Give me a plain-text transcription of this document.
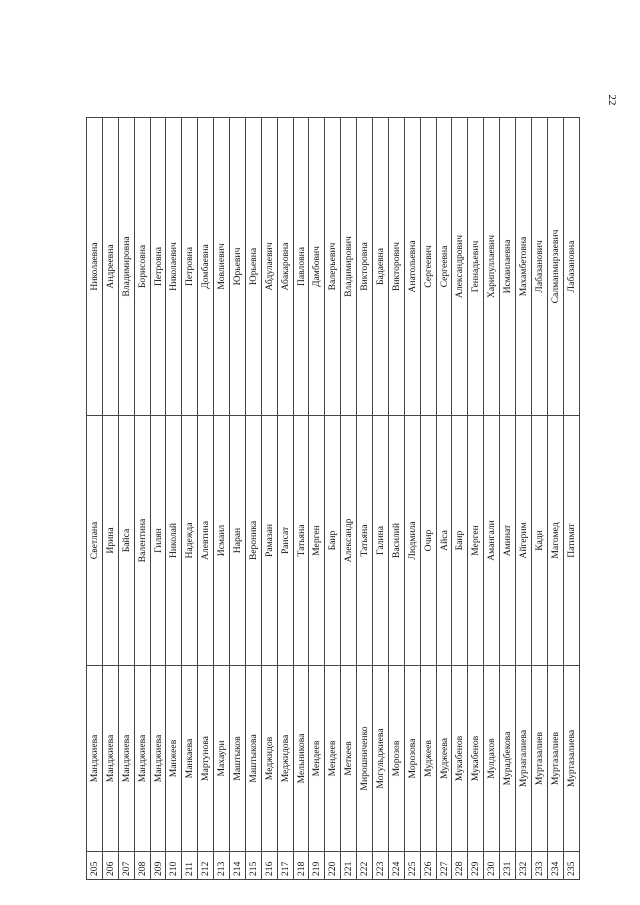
22
205	Манджиева	Светлана	Николаевна
206	Манджиева	Ирина	Андреевна
207	Манджиева	Байса	Владимировна
208	Манджиева	Валентина	Борисовна
209	Манджиева	Гилян	Петровна
210	Манжеев	Николай	Николаевич
211	Манкаева	Надежда	Петровна
212	Мартунова	Алевтина	Домбаевна
213	Махаури	Исмаил	Мовлиевич
214	Маштыков	Наран	Юрьевич
215	Маштыкова	Вероника	Юрьевна
216	Меджидов	Рамазан	Абдулаевич
217	Меджидова	Раисат	Абакаровна
218	Мельникова	Татьяна	Павловна
219	Мендеев	Мерген	Дамбович
220	Мендеев	Баир	Валерьевич
221	Меткеев	Александр	Владимирович
222	Мирошниченко	Татьяна	Викторовна
223	Могульджиева	Галина	Бадаевна
224	Морозов	Василий	Викторович
225	Морозова	Людмила	Анатольевна
226	Муджеев	Очир	Сергеевич
227	Муджеева	Айса	Сергеевна
228	Мукабенов	Баир	Александрович
229	Мукабенов	Мерген	Геннадьевич
230	Мулдахов	Амангали	Харипуллаевич
231	Мурадбекова	Аминат	Исмаилаевна
232	Мурзагалиева	Айгерим	Махамбетовна
233	Муртазалиев	Кади	Лабазанович
234	Муртазалиев	Магомед	Салманмирзаевич
235	Муртазалиева	Патимат	Лабазановна
